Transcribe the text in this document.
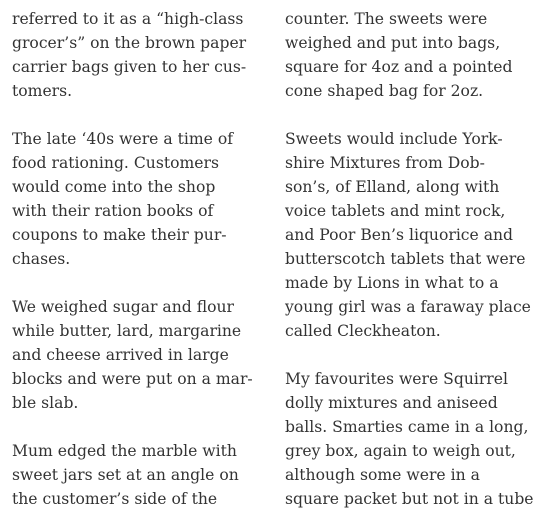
referred to it as a “high-class
grocer’s” on the brown paper
carrier bags given to her cus-
tomers.

The late ‘40s were a time of
food rationing. Customers
would come into the shop
with their ration books of
coupons to make their pur-
chases.

We weighed sugar and flour
while butter, lard, margarine
and cheese arrived in large
blocks and were put on a mar-
ble slab.

Mum edged the marble with
sweet jars set at an angle on
the customer’s side of the

counter. The sweets were
weighed and put into bags,
square for 4oz and a pointed
cone shaped bag for 2oz.

Sweets would include York-
shire Mixtures from Dob-
son’s, of Elland, along with
voice tablets and mint rock,
and Poor Ben’s liquorice and
butterscotch tablets that were
made by Lions in what to a
young girl was a faraway place
called Cleckheaton.

My favourites were Squirrel
dolly mixtures and aniseed
balls. Smarties came in a long,
grey box, again to weigh out,
although some were in a
square packet but not in a tube
